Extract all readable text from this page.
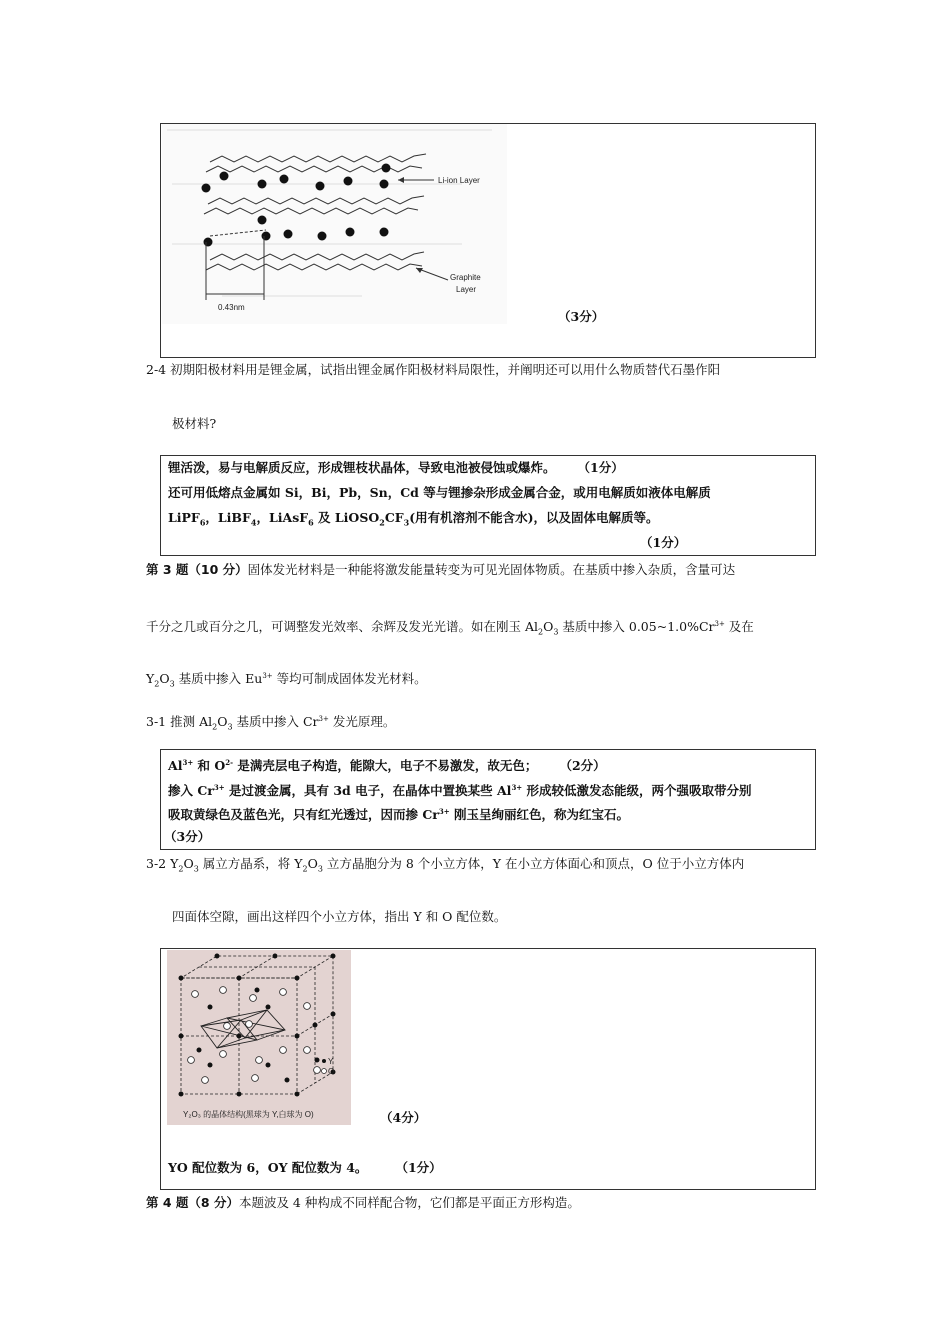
0.43nm
Li-ion Layer
Graphite
Layer
（3分）
2-4 初期阳极材料用是锂金属，试指出锂金属作阳极材料局限性，并阐明还可以用什么物质替代石墨作阳
极材料?
锂活泼，易与电解质反应，形成锂枝状晶体，导致电池被侵蚀或爆炸。 （1分）
还可用低熔点金属如 Si，Bi，Pb，Sn，Cd 等与锂掺杂形成金属合金，或用电解质如液体电解质
LiPF$_6$，LiBF$_4$，LiAsF$_6$ 及 $LiOSO_2CF_3$(用有机溶剂不能含水)，以及固体电解质等。
（1分）
第 3 题（10 分）固体发光材料是一种能将激发能量转变为可见光固体物质。在基质中掺入杂质，含量可达
千分之几或百分之几，可调整发光效率、余辉及发光光谱。如在刚玉 $Al_2O_3$ 基质中掺入 $0.05\sim 1.0\%Cr^{3+}$ 及在
$Y_2O_3$ 基质中掺入 $Eu^{3+}$ 等均可制成固体发光材料。
3-1 推测 $Al_2O_3$ 基质中掺入 $Cr^{3+}$ 发光原理。
$Al^{3+}$ 和 $O^{2-}$ 是满壳层电子构造，能隙大，电子不易激发，故无色； （2分）
掺入 $Cr^{3+}$ 是过渡金属，具有 3d 电子，在晶体中置换某些 $Al^{3+}$ 形成较低激发态能级，两个强吸取带分别
吸取黄绿色及蓝色光，只有红光透过，因而掺 $Cr^{3+}$ 刚玉呈绚丽红色，称为红宝石。
（3分）
3-2 $Y_2O_3$ 属立方晶系，将 $Y_2O_3$ 立方晶胞分为 8 个小立方体，Y 在小立方体面心和顶点，O 位于小立方体内
四面体空隙，画出这样四个小立方体，指出 Y 和 O 配位数。
Y
O
Y₂O₃ 的晶体结构(黑球为 Y,白球为 O)	（4分）
YO 配位数为 6，OY 配位数为 4。 （1分）
第 4 题（8 分）本题波及 4 种构成不同样配合物，它们都是平面正方形构造。
